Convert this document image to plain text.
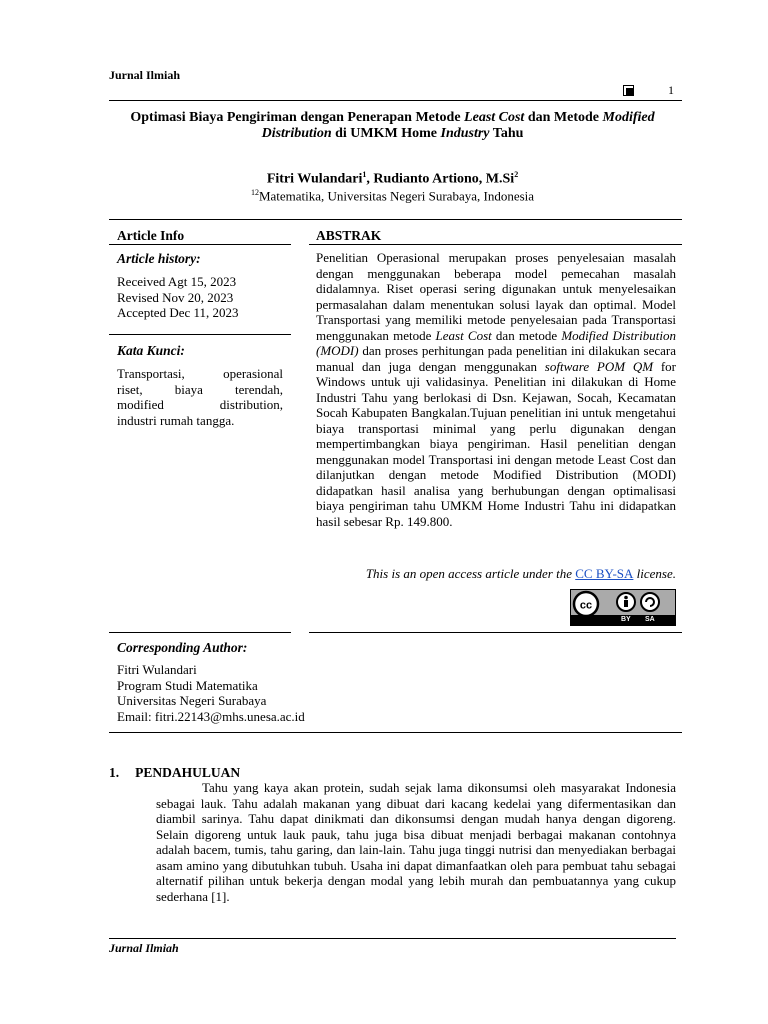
Jurnal Ilmiah
1
Optimasi Biaya Pengiriman dengan Penerapan Metode Least Cost dan Metode Modified
Distribution di UMKM Home Industry Tahu
Fitri Wulandari$^1$, Rudianto Artiono, M.Si$^2$
$^{12}$Matematika, Universitas Negeri Surabaya, Indonesia
Article Info
Article history:
Received Agt 15, 2023
Revised Nov 20, 2023
Accepted Dec 11, 2023
Kata Kunci:
Transportasi,	operasional
riset, biaya terendah,
modified	distribution,
industri rumah tangga.
ABSTRAK
Penelitian Operasional merupakan proses penyelesaian masalah dengan menggunakan beberapa model pemecahan masalah didalamnya. Riset operasi sering digunakan untuk menyelesaikan permasalahan dalam menentukan solusi layak dan optimal. Model Transportasi yang memiliki metode penyelesaian pada Transportasi menggunakan metode Least Cost dan metode Modified Distribution (MODI) dan proses perhitungan pada penelitian ini dilakukan secara manual dan juga dengan menggunakan software POM QM for Windows untuk uji validasinya. Penelitian ini dilakukan di Home Industri Tahu yang berlokasi di Dsn. Kejawan, Socah, Kecamatan Socah Kabupaten Bangkalan.Tujuan penelitian ini untuk mengetahui biaya transportasi minimal yang perlu digunakan dengan mempertimbangkan biaya pengiriman. Hasil penelitian dengan menggunakan model Transportasi ini dengan metode Least Cost dan dilanjutkan dengan metode Modified Distribution (MODI) didapatkan hasil analisa yang berhubungan dengan optimalisasi biaya pengiriman tahu UMKM Home Industri Tahu ini didapatkan hasil sebesar Rp. 149.800.
This is an open access article under the CC BY-SA license.
cc
BY SA
Corresponding Author:
Fitri Wulandari
Program Studi Matematika
Universitas Negeri Surabaya
Email: fitri.22143@mhs.unesa.ac.id
1. PENDAHULUAN
Tahu yang kaya akan protein, sudah sejak lama dikonsumsi oleh masyarakat Indonesia sebagai lauk. Tahu adalah makanan yang dibuat dari kacang kedelai yang difermentasikan dan diambil sarinya. Tahu dapat dinikmati dan dikonsumsi dengan mudah hanya dengan digoreng. Selain digoreng untuk lauk pauk, tahu juga bisa dibuat menjadi berbagai makanan contohnya adalah bacem, tumis, tahu garing, dan lain-lain. Tahu juga tinggi nutrisi dan menyediakan berbagai asam amino yang dibutuhkan tubuh. Usaha ini dapat dimanfaatkan oleh para pembuat tahu sebagai alternatif pilihan untuk bekerja dengan modal yang lebih murah dan pembuatannya yang cukup sederhana [1].
Jurnal Ilmiah
